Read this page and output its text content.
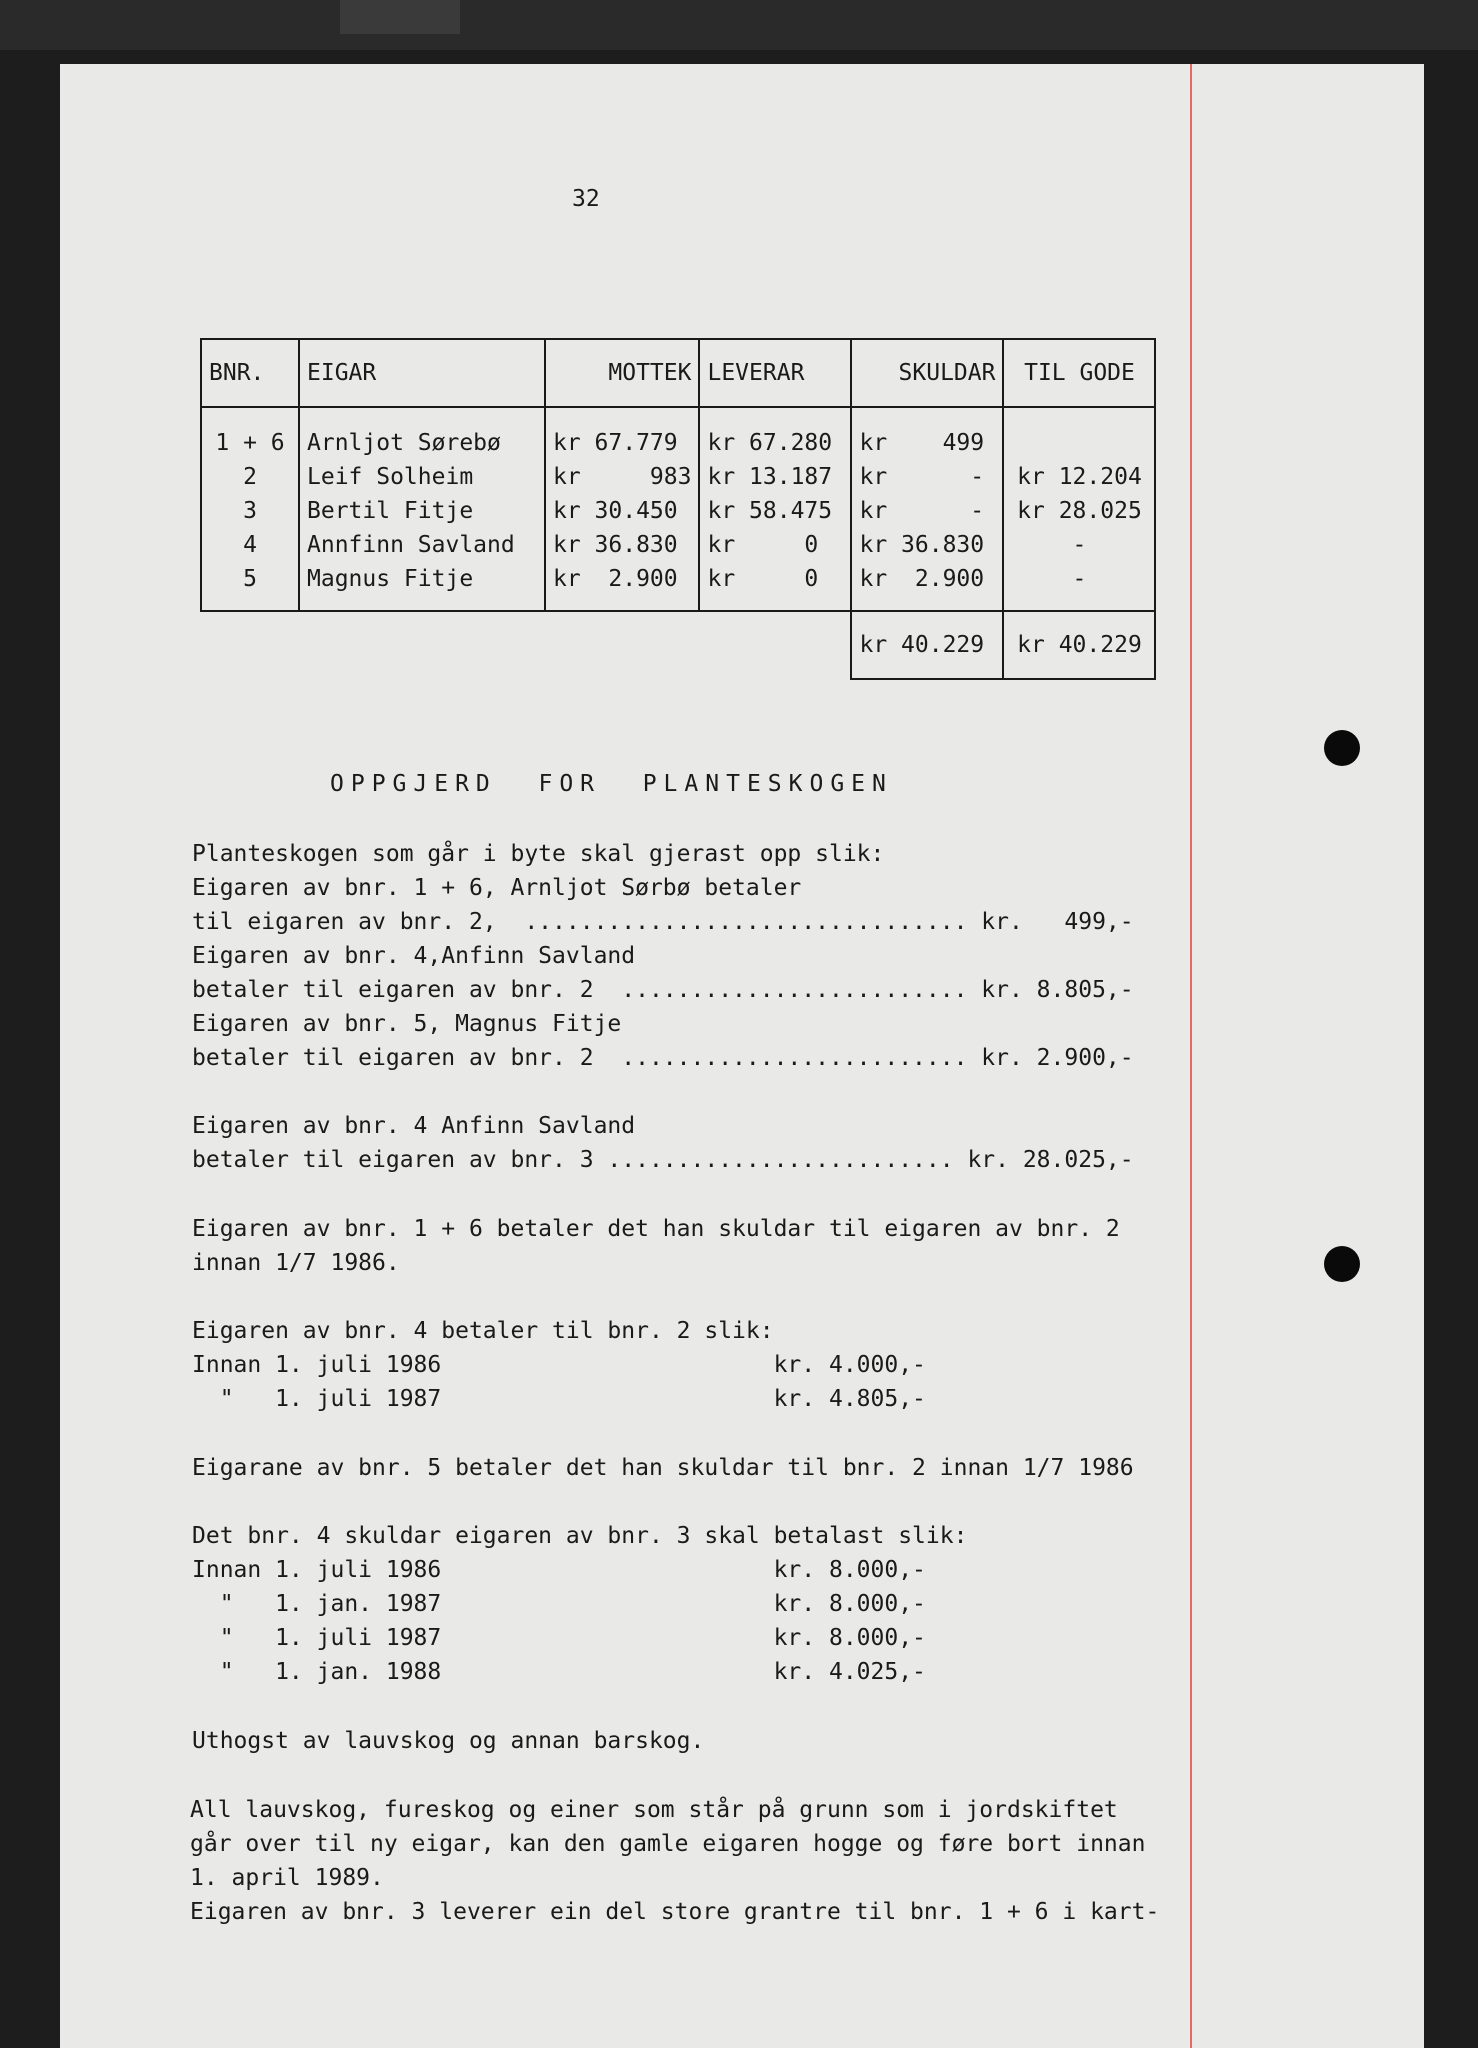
32
BNR.	EIGAR	MOTTEK	LEVERAR	SKULDAR	TIL GODE
1 + 6	Arnljot Sørebø	kr 67.779	kr 67.280	kr    499	
2	Leif Solheim	kr     983	kr 13.187	kr      -	kr 12.204
3	Bertil Fitje	kr 30.450	kr 58.475	kr      -	kr 28.025
4	Annfinn Savland	kr 36.830	kr     0	kr 36.830	-
5	Magnus Fitje	kr  2.900	kr     0	kr  2.900	-
				kr 40.229	kr 40.229
OPPGJERD  FOR  PLANTESKOGEN
Planteskogen som går i byte skal gjerast opp slik:
Eigaren av bnr. 1 + 6, Arnljot Sørbø betaler
til eigaren av bnr. 2,  ................................ kr.   499,-
Eigaren av bnr. 4,Anfinn Savland
betaler til eigaren av bnr. 2  ......................... kr. 8.805,-
Eigaren av bnr. 5, Magnus Fitje
betaler til eigaren av bnr. 2  ......................... kr. 2.900,-
Eigaren av bnr. 4 Anfinn Savland
betaler til eigaren av bnr. 3 ......................... kr. 28.025,-
Eigaren av bnr. 1 + 6 betaler det han skuldar til eigaren av bnr. 2
innan 1/7 1986.
Eigaren av bnr. 4 betaler til bnr. 2 slik:
Innan 1. juli 1986                        kr. 4.000,-
"   1. juli 1987                        kr. 4.805,-
Eigarane av bnr. 5 betaler det han skuldar til bnr. 2 innan 1/7 1986
Det bnr. 4 skuldar eigaren av bnr. 3 skal betalast slik:
Innan 1. juli 1986                        kr. 8.000,-
"   1. jan. 1987                        kr. 8.000,-
"   1. juli 1987                        kr. 8.000,-
"   1. jan. 1988                        kr. 4.025,-
Uthogst av lauvskog og annan barskog.
All lauvskog, fureskog og einer som står på grunn som i jordskiftet
går over til ny eigar, kan den gamle eigaren hogge og føre bort innan
1. april 1989.
Eigaren av bnr. 3 leverer ein del store grantre til bnr. 1 + 6 i kart-
